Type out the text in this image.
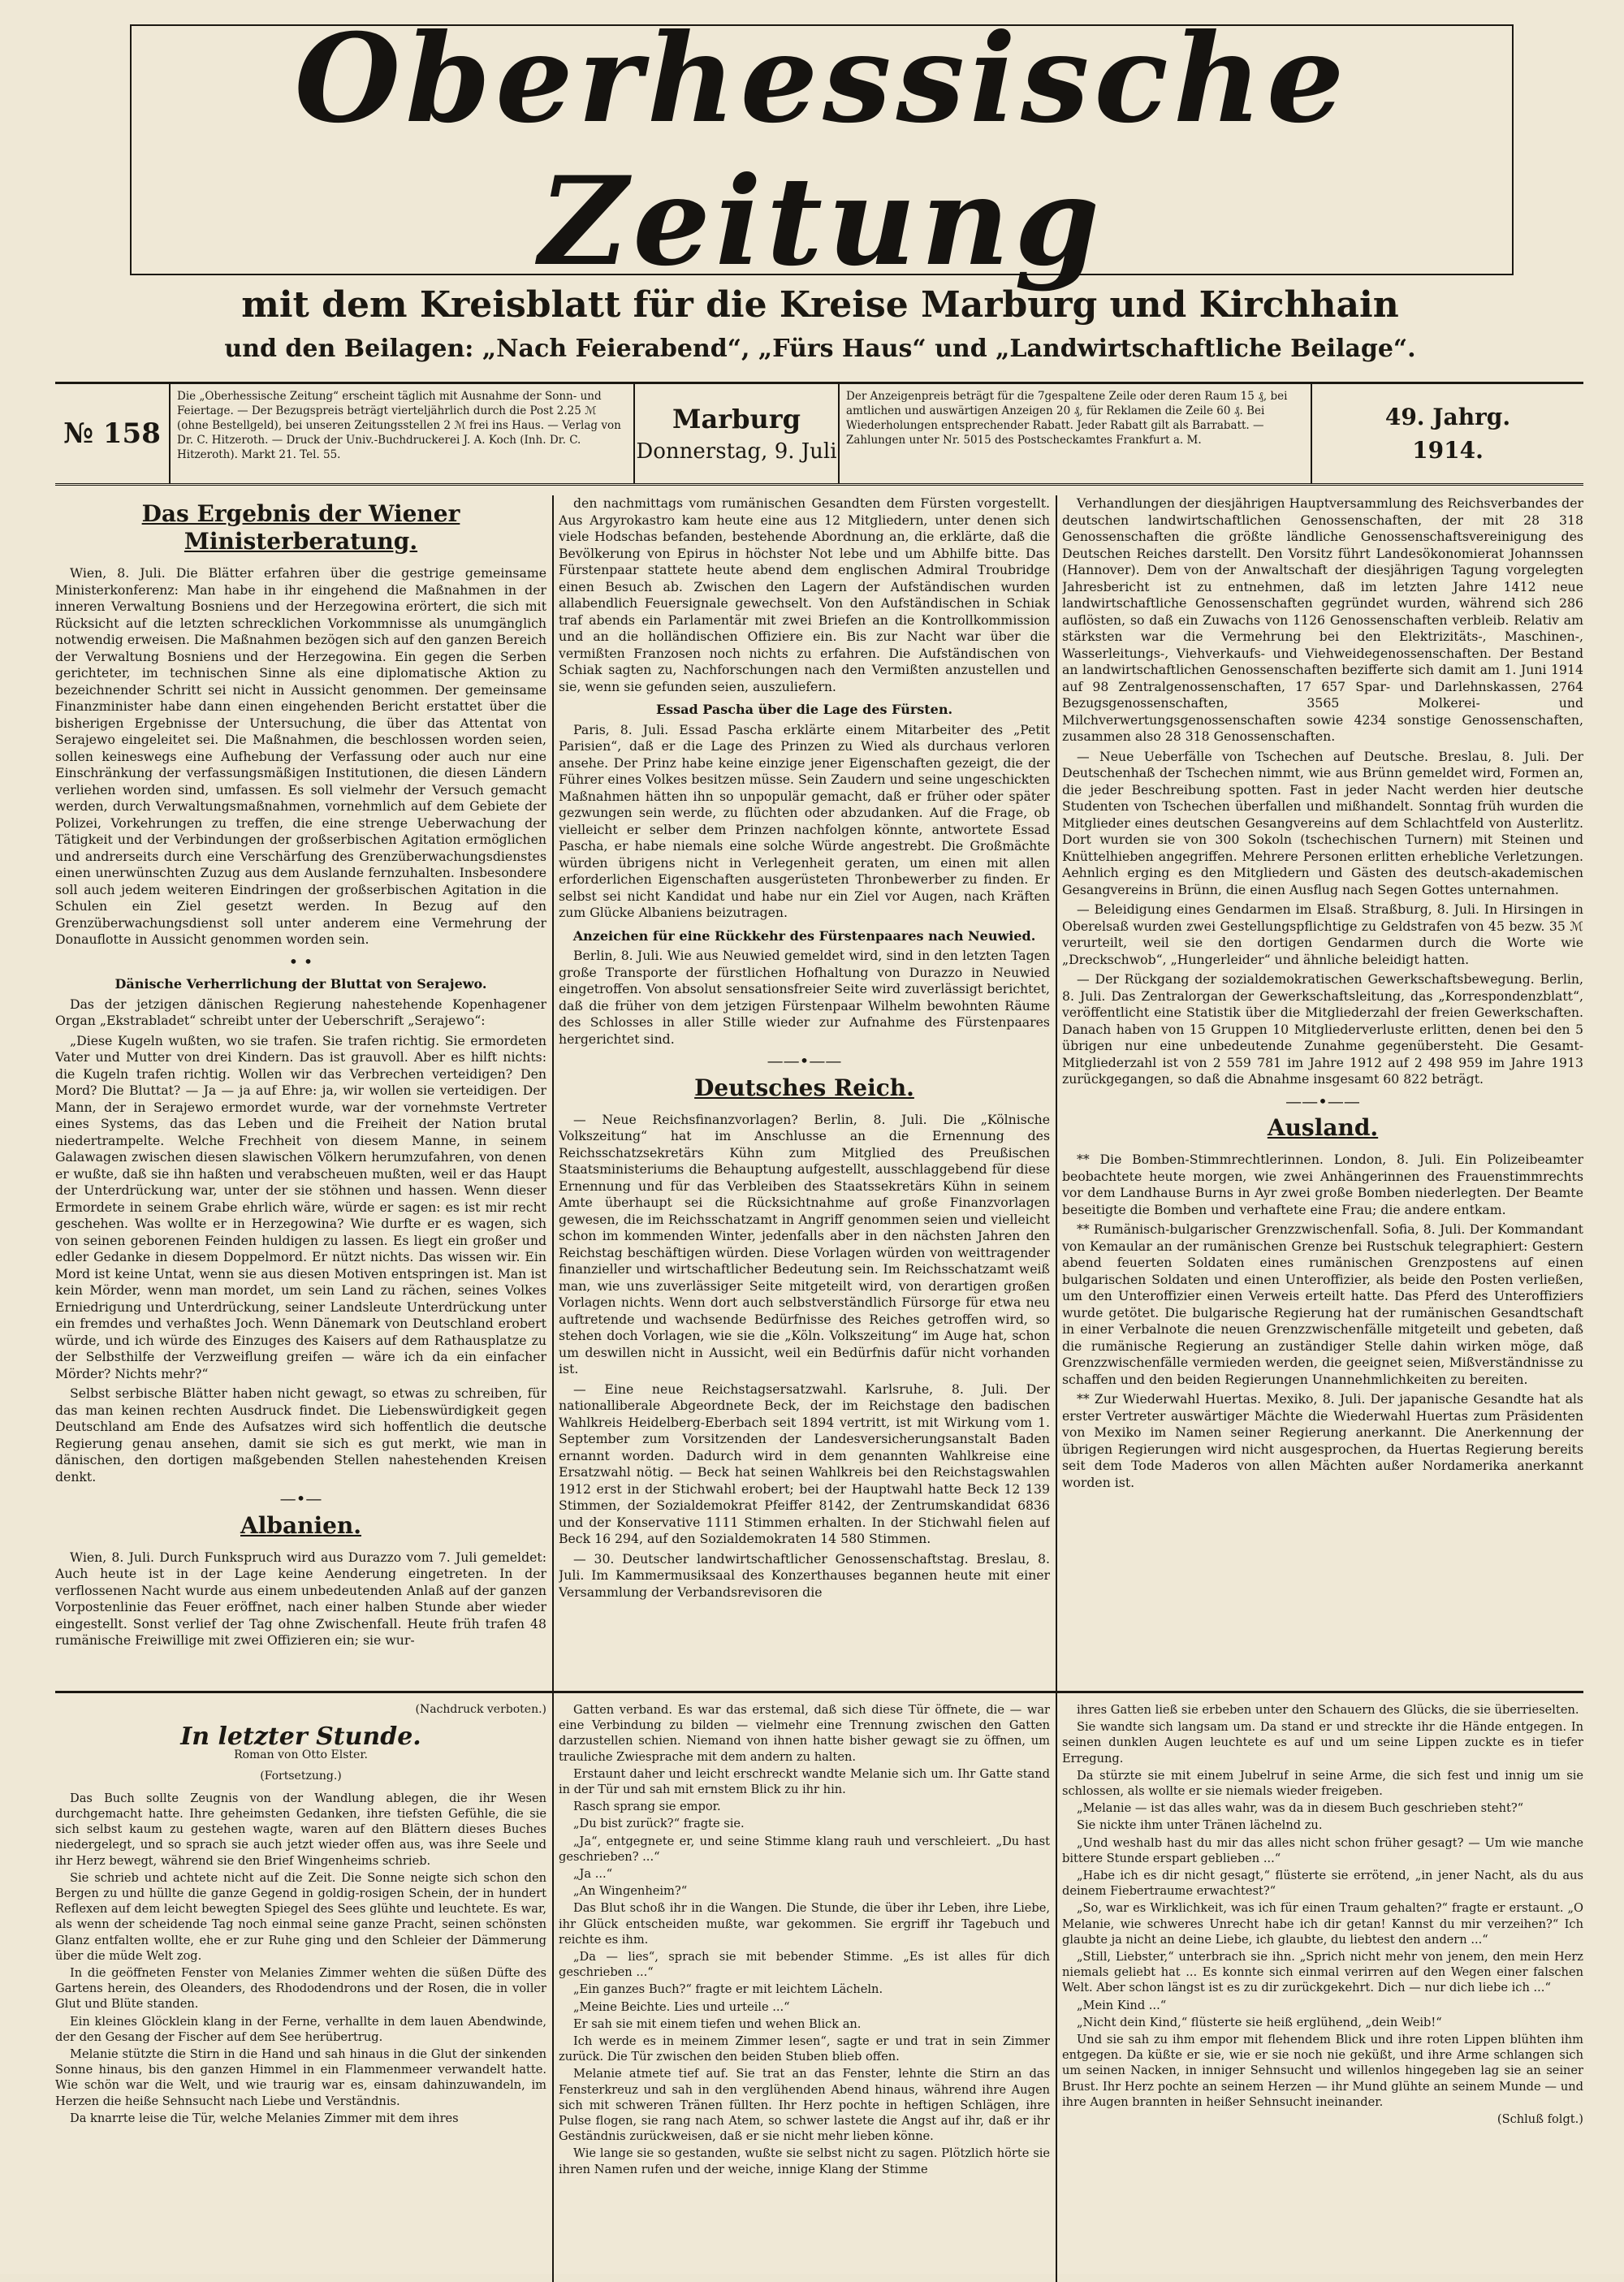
Oberhessische Zeitung
mit dem Kreisblatt für die Kreise Marburg und Kirchhain
und den Beilagen: „Nach Feierabend“, „Fürs Haus“ und „Landwirtschaftliche Beilage“.
№ 158
Die „Oberhessische Zeitung“ erscheint täglich mit Ausnahme der Sonn- und Feiertage. — Der Bezugspreis beträgt vierteljährlich durch die Post 2.25 ℳ (ohne Bestellgeld), bei unseren Zeitungsstellen 2 ℳ frei ins Haus. — Verlag von Dr. C. Hitzeroth. — Druck der Univ.-Buchdruckerei J. A. Koch (Inh. Dr. C. Hitzeroth). Markt 21. Tel. 55.
Marburg
Donnerstag, 9. Juli
Der Anzeigenpreis beträgt für die 7gespaltene Zeile oder deren Raum 15 ₰, bei amtlichen und auswärtigen Anzeigen 20 ₰, für Reklamen die Zeile 60 ₰. Bei Wiederholungen entsprechender Rabatt. Jeder Rabatt gilt als Barrabatt. — Zahlungen unter Nr. 5015 des Postscheckamtes Frankfurt a. M.
49. Jahrg.
1914.
Das Ergebnis der Wiener Ministerberatung.

Wien, 8. Juli. Die Blätter erfahren über die gestrige gemeinsame Ministerkonferenz: Man habe in ihr eingehend die Maßnahmen in der inneren Verwaltung Bosniens und der Herzegowina erörtert, die sich mit Rücksicht auf die letzten schrecklichen Vorkommnisse als unumgänglich notwendig erweisen. Die Maßnahmen bezögen sich auf den ganzen Bereich der Verwaltung Bosniens und der Herzegowina. Ein gegen die Serben gerichteter, im technischen Sinne als eine diplomatische Aktion zu bezeichnender Schritt sei nicht in Aussicht genommen. Der gemeinsame Finanzminister habe dann einen eingehenden Bericht erstattet über die bisherigen Ergebnisse der Untersuchung, die über das Attentat von Serajewo eingeleitet sei. Die Maßnahmen, die beschlossen worden seien, sollen keineswegs eine Aufhebung der Verfassung oder auch nur eine Einschränkung der verfassungsmäßigen Institutionen, die diesen Ländern verliehen worden sind, umfassen. Es soll vielmehr der Versuch gemacht werden, durch Verwaltungsmaßnahmen, vornehmlich auf dem Gebiete der Polizei, Vorkehrungen zu treffen, die eine strenge Ueberwachung der Tätigkeit und der Verbindungen der großserbischen Agitation ermöglichen und andrerseits durch eine Verschärfung des Grenzüberwachungsdienstes einen unerwünschten Zuzug aus dem Auslande fernzuhalten. Insbesondere soll auch jedem weiteren Eindringen der großserbischen Agitation in die Schulen ein Ziel gesetzt werden. In Bezug auf den Grenzüberwachungsdienst soll unter anderem eine Vermehrung der Donauflotte in Aussicht genommen worden sein.

• •
Dänische Verherrlichung der Bluttat von Serajewo.

Das der jetzigen dänischen Regierung nahestehende Kopenhagener Organ „Ekstrabladet“ schreibt unter der Ueberschrift „Serajewo“:

„Diese Kugeln wußten, wo sie trafen. Sie trafen richtig. Sie ermordeten Vater und Mutter von drei Kindern. Das ist grauvoll. Aber es hilft nichts: die Kugeln trafen richtig. Wollen wir das Verbrechen verteidigen? Den Mord? Die Bluttat? — Ja — ja auf Ehre: ja, wir wollen sie verteidigen. Der Mann, der in Serajewo ermordet wurde, war der vornehmste Vertreter eines Systems, das das Leben und die Freiheit der Nation brutal niedertrampelte. Welche Frechheit von diesem Manne, in seinem Galawagen zwischen diesen slawischen Völkern herumzufahren, von denen er wußte, daß sie ihn haßten und verabscheuen mußten, weil er das Haupt der Unterdrückung war, unter der sie stöhnen und hassen. Wenn dieser Ermordete in seinem Grabe ehrlich wäre, würde er sagen: es ist mir recht geschehen. Was wollte er in Herzegowina? Wie durfte er es wagen, sich von seinen geborenen Feinden huldigen zu lassen. Es liegt ein großer und edler Gedanke in diesem Doppelmord. Er nützt nichts. Das wissen wir. Ein Mord ist keine Untat, wenn sie aus diesen Motiven entspringen ist. Man ist kein Mörder, wenn man mordet, um sein Land zu rächen, seines Volkes Erniedrigung und Unterdrückung, seiner Landsleute Unterdrückung unter ein fremdes und verhaßtes Joch. Wenn Dänemark von Deutschland erobert würde, und ich würde des Einzuges des Kaisers auf dem Rathausplatze zu der Selbsthilfe der Verzweiflung greifen — wäre ich da ein einfacher Mörder? Nichts mehr?“

Selbst serbische Blätter haben nicht gewagt, so etwas zu schreiben, für das man keinen rechten Ausdruck findet. Die Liebenswürdigkeit gegen Deutschland am Ende des Aufsatzes wird sich hoffentlich die deutsche Regierung genau ansehen, damit sie sich es gut merkt, wie man in dänischen, den dortigen maßgebenden Stellen nahestehenden Kreisen denkt.

—•—
Albanien.

Wien, 8. Juli. Durch Funkspruch wird aus Durazzo vom 7. Juli gemeldet: Auch heute ist in der Lage keine Aenderung eingetreten. In der verflossenen Nacht wurde aus einem unbedeutenden Anlaß auf der ganzen Vorpostenlinie das Feuer eröffnet, nach einer halben Stunde aber wieder eingestellt. Sonst verlief der Tag ohne Zwischenfall. Heute früh trafen 48 rumänische Freiwillige mit zwei Offizieren ein; sie wur-

den nachmittags vom rumänischen Gesandten dem Fürsten vorgestellt. Aus Argyrokastro kam heute eine aus 12 Mitgliedern, unter denen sich viele Hodschas befanden, bestehende Abordnung an, die erklärte, daß die Bevölkerung von Epirus in höchster Not lebe und um Abhilfe bitte. Das Fürstenpaar stattete heute abend dem englischen Admiral Troubridge einen Besuch ab. Zwischen den Lagern der Aufständischen wurden allabendlich Feuersignale gewechselt. Von den Aufständischen in Schiak traf abends ein Parlamentär mit zwei Briefen an die Kontrollkommission und an die holländischen Offiziere ein. Bis zur Nacht war über die vermißten Franzosen noch nichts zu erfahren. Die Aufständischen von Schiak sagten zu, Nachforschungen nach den Vermißten anzustellen und sie, wenn sie gefunden seien, auszuliefern.

Essad Pascha über die Lage des Fürsten.

Paris, 8. Juli. Essad Pascha erklärte einem Mitarbeiter des „Petit Parisien“, daß er die Lage des Prinzen zu Wied als durchaus verloren ansehe. Der Prinz habe keine einzige jener Eigenschaften gezeigt, die der Führer eines Volkes besitzen müsse. Sein Zaudern und seine ungeschickten Maßnahmen hätten ihn so unpopulär gemacht, daß er früher oder später gezwungen sein werde, zu flüchten oder abzudanken. Auf die Frage, ob vielleicht er selber dem Prinzen nachfolgen könnte, antwortete Essad Pascha, er habe niemals eine solche Würde angestrebt. Die Großmächte würden übrigens nicht in Verlegenheit geraten, um einen mit allen erforderlichen Eigenschaften ausgerüsteten Thronbewerber zu finden. Er selbst sei nicht Kandidat und habe nur ein Ziel vor Augen, nach Kräften zum Glücke Albaniens beizutragen.

Anzeichen für eine Rückkehr des Fürstenpaares nach Neuwied.

Berlin, 8. Juli. Wie aus Neuwied gemeldet wird, sind in den letzten Tagen große Transporte der fürstlichen Hofhaltung von Durazzo in Neuwied eingetroffen. Von absolut sensationsfreier Seite wird zuverlässigt berichtet, daß die früher von dem jetzigen Fürstenpaar Wilhelm bewohnten Räume des Schlosses in aller Stille wieder zur Aufnahme des Fürstenpaares hergerichtet sind.

——•——
Deutsches Reich.

— Neue Reichsfinanzvorlagen? Berlin, 8. Juli. Die „Kölnische Volkszeitung“ hat im Anschlusse an die Ernennung des Reichsschatzsekretärs Kühn zum Mitglied des Preußischen Staatsministeriums die Behauptung aufgestellt, ausschlaggebend für diese Ernennung und für das Verbleiben des Staatssekretärs Kühn in seinem Amte überhaupt sei die Rücksichtnahme auf große Finanzvorlagen gewesen, die im Reichsschatzamt in Angriff genommen seien und vielleicht schon im kommenden Winter, jedenfalls aber in den nächsten Jahren den Reichstag beschäftigen würden. Diese Vorlagen würden von weittragender finanzieller und wirtschaftlicher Bedeutung sein. Im Reichsschatzamt weiß man, wie uns zuverlässiger Seite mitgeteilt wird, von derartigen großen Vorlagen nichts. Wenn dort auch selbstverständlich Fürsorge für etwa neu auftretende und wachsende Bedürfnisse des Reiches getroffen wird, so stehen doch Vorlagen, wie sie die „Köln. Volkszeitung“ im Auge hat, schon um deswillen nicht in Aussicht, weil ein Bedürfnis dafür nicht vorhanden ist.

— Eine neue Reichstagsersatzwahl. Karlsruhe, 8. Juli. Der nationalliberale Abgeordnete Beck, der im Reichstage den badischen Wahlkreis Heidelberg-Eberbach seit 1894 vertritt, ist mit Wirkung vom 1. September zum Vorsitzenden der Landesversicherungsanstalt Baden ernannt worden. Dadurch wird in dem genannten Wahlkreise eine Ersatzwahl nötig. — Beck hat seinen Wahlkreis bei den Reichstagswahlen 1912 erst in der Stichwahl erobert; bei der Hauptwahl hatte Beck 12 139 Stimmen, der Sozialdemokrat Pfeiffer 8142, der Zentrumskandidat 6836 und der Konservative 1111 Stimmen erhalten. In der Stichwahl fielen auf Beck 16 294, auf den Sozialdemokraten 14 580 Stimmen.

— 30. Deutscher landwirtschaftlicher Genossenschaftstag. Breslau, 8. Juli. Im Kammermusiksaal des Konzerthauses begannen heute mit einer Versammlung der Verbandsrevisoren die

Verhandlungen der diesjährigen Hauptversammlung des Reichsverbandes der deutschen landwirtschaftlichen Genossenschaften, der mit 28 318 Genossenschaften die größte ländliche Genossenschaftsvereinigung des Deutschen Reiches darstellt. Den Vorsitz führt Landesökonomierat Johannssen (Hannover). Dem von der Anwaltschaft der diesjährigen Tagung vorgelegten Jahresbericht ist zu entnehmen, daß im letzten Jahre 1412 neue landwirtschaftliche Genossenschaften gegründet wurden, während sich 286 auflösten, so daß ein Zuwachs von 1126 Genossenschaften verbleib. Relativ am stärksten war die Vermehrung bei den Elektrizitäts-, Maschinen-, Wasserleitungs-, Viehverkaufs- und Viehweidegenossenschaften. Der Bestand an landwirtschaftlichen Genossenschaften bezifferte sich damit am 1. Juni 1914 auf 98 Zentralgenossenschaften, 17 657 Spar- und Darlehnskassen, 2764 Bezugsgenossenschaften, 3565 Molkerei- und Milchverwertungsgenossenschaften sowie 4234 sonstige Genossenschaften, zusammen also 28 318 Genossenschaften.

— Neue Ueberfälle von Tschechen auf Deutsche. Breslau, 8. Juli. Der Deutschenhaß der Tschechen nimmt, wie aus Brünn gemeldet wird, Formen an, die jeder Beschreibung spotten. Fast in jeder Nacht werden hier deutsche Studenten von Tschechen überfallen und mißhandelt. Sonntag früh wurden die Mitglieder eines deutschen Gesangvereins auf dem Schlachtfeld von Austerlitz. Dort wurden sie von 300 Sokoln (tschechischen Turnern) mit Steinen und Knüttelhieben angegriffen. Mehrere Personen erlitten erhebliche Verletzungen. Aehnlich erging es den Mitgliedern und Gästen des deutsch-akademischen Gesangvereins in Brünn, die einen Ausflug nach Segen Gottes unternahmen.

— Beleidigung eines Gendarmen im Elsaß. Straßburg, 8. Juli. In Hirsingen in Oberelsaß wurden zwei Gestellungspflichtige zu Geldstrafen von 45 bezw. 35 ℳ verurteilt, weil sie den dortigen Gendarmen durch die Worte wie „Dreckschwob“, „Hungerleider“ und ähnliche beleidigt hatten.

— Der Rückgang der sozialdemokratischen Gewerkschaftsbewegung. Berlin, 8. Juli. Das Zentralorgan der Gewerkschaftsleitung, das „Korrespondenzblatt“, veröffentlicht eine Statistik über die Mitgliederzahl der freien Gewerkschaften. Danach haben von 15 Gruppen 10 Mitgliederverluste erlitten, denen bei den 5 übrigen nur eine unbedeutende Zunahme gegenübersteht. Die Gesamt-Mitgliederzahl ist von 2 559 781 im Jahre 1912 auf 2 498 959 im Jahre 1913 zurückgegangen, so daß die Abnahme insgesamt 60 822 beträgt.

——•——
Ausland.

** Die Bomben-Stimmrechtlerinnen. London, 8. Juli. Ein Polizeibeamter beobachtete heute morgen, wie zwei Anhängerinnen des Frauenstimmrechts vor dem Landhause Burns in Ayr zwei große Bomben niederlegten. Der Beamte beseitigte die Bomben und verhaftete eine Frau; die andere entkam.

** Rumänisch-bulgarischer Grenzzwischenfall. Sofia, 8. Juli. Der Kommandant von Kemaular an der rumänischen Grenze bei Rustschuk telegraphiert: Gestern abend feuerten Soldaten eines rumänischen Grenzpostens auf einen bulgarischen Soldaten und einen Unteroffizier, als beide den Posten verließen, um den Unteroffizier einen Verweis erteilt hatte. Das Pferd des Unteroffiziers wurde getötet. Die bulgarische Regierung hat der rumänischen Gesandtschaft in einer Verbalnote die neuen Grenzzwischenfälle mitgeteilt und gebeten, daß die rumänische Regierung an zuständiger Stelle dahin wirken möge, daß Grenzzwischenfälle vermieden werden, die geeignet seien, Mißverständnisse zu schaffen und den beiden Regierungen Unannehmlichkeiten zu bereiten.

** Zur Wiederwahl Huertas. Mexiko, 8. Juli. Der japanische Gesandte hat als erster Vertreter auswärtiger Mächte die Wiederwahl Huertas zum Präsidenten von Mexiko im Namen seiner Regierung anerkannt. Die Anerkennung der übrigen Regierungen wird nicht ausgesprochen, da Huertas Regierung bereits seit dem Tode Maderos von allen Mächten außer Nordamerika anerkannt worden ist.

(Nachdruck verboten.)
In letzter Stunde.
Roman von Otto Elster.
(Fortsetzung.)

Das Buch sollte Zeugnis von der Wandlung ablegen, die ihr Wesen durchgemacht hatte. Ihre geheimsten Gedanken, ihre tiefsten Gefühle, die sie sich selbst kaum zu gestehen wagte, waren auf den Blättern dieses Buches niedergelegt, und so sprach sie auch jetzt wieder offen aus, was ihre Seele und ihr Herz bewegt, während sie den Brief Wingenheims schrieb.

Sie schrieb und achtete nicht auf die Zeit. Die Sonne neigte sich schon den Bergen zu und hüllte die ganze Gegend in goldig-rosigen Schein, der in hundert Reflexen auf dem leicht bewegten Spiegel des Sees glühte und leuchtete. Es war, als wenn der scheidende Tag noch einmal seine ganze Pracht, seinen schönsten Glanz entfalten wollte, ehe er zur Ruhe ging und den Schleier der Dämmerung über die müde Welt zog.

In die geöffneten Fenster von Melanies Zimmer wehten die süßen Düfte des Gartens herein, des Oleanders, des Rhododendrons und der Rosen, die in voller Glut und Blüte standen.

Ein kleines Glöcklein klang in der Ferne, verhallte in dem lauen Abendwinde, der den Gesang der Fischer auf dem See herübertrug.

Melanie stützte die Stirn in die Hand und sah hinaus in die Glut der sinkenden Sonne hinaus, bis den ganzen Himmel in ein Flammenmeer verwandelt hatte. Wie schön war die Welt, und wie traurig war es, einsam dahinzuwandeln, im Herzen die heiße Sehnsucht nach Liebe und Verständnis.

Da knarrte leise die Tür, welche Melanies Zimmer mit dem ihres

Gatten verband. Es war das erstemal, daß sich diese Tür öffnete, die — war eine Verbindung zu bilden — vielmehr eine Trennung zwischen den Gatten darzustellen schien. Niemand von ihnen hatte bisher gewagt sie zu öffnen, um trauliche Zwiesprache mit dem andern zu halten.

Erstaunt daher und leicht erschreckt wandte Melanie sich um. Ihr Gatte stand in der Tür und sah mit ernstem Blick zu ihr hin.

Rasch sprang sie empor.

„Du bist zurück?“ fragte sie.

„Ja“, entgegnete er, und seine Stimme klang rauh und verschleiert. „Du hast geschrieben? ...“

„Ja ...“

„An Wingenheim?“

Das Blut schoß ihr in die Wangen. Die Stunde, die über ihr Leben, ihre Liebe, ihr Glück entscheiden mußte, war gekommen. Sie ergriff ihr Tagebuch und reichte es ihm.

„Da — lies“, sprach sie mit bebender Stimme. „Es ist alles für dich geschrieben ...“

„Ein ganzes Buch?“ fragte er mit leichtem Lächeln.

„Meine Beichte. Lies und urteile ...“

Er sah sie mit einem tiefen und wehen Blick an.

Ich werde es in meinem Zimmer lesen“, sagte er und trat in sein Zimmer zurück. Die Tür zwischen den beiden Stuben blieb offen.

Melanie atmete tief auf. Sie trat an das Fenster, lehnte die Stirn an das Fensterkreuz und sah in den verglühenden Abend hinaus, während ihre Augen sich mit schweren Tränen füllten. Ihr Herz pochte in heftigen Schlägen, ihre Pulse flogen, sie rang nach Atem, so schwer lastete die Angst auf ihr, daß er ihr Geständnis zurückweisen, daß er sie nicht mehr lieben könne.

Wie lange sie so gestanden, wußte sie selbst nicht zu sagen. Plötzlich hörte sie ihren Namen rufen und der weiche, innige Klang der Stimme

ihres Gatten ließ sie erbeben unter den Schauern des Glücks, die sie überrieselten.

Sie wandte sich langsam um. Da stand er und streckte ihr die Hände entgegen. In seinen dunklen Augen leuchtete es auf und um seine Lippen zuckte es in tiefer Erregung.

Da stürzte sie mit einem Jubelruf in seine Arme, die sich fest und innig um sie schlossen, als wollte er sie niemals wieder freigeben.

„Melanie — ist das alles wahr, was da in diesem Buch geschrieben steht?“

Sie nickte ihm unter Tränen lächelnd zu.

„Und weshalb hast du mir das alles nicht schon früher gesagt? — Um wie manche bittere Stunde erspart geblieben ...“

„Habe ich es dir nicht gesagt,“ flüsterte sie errötend, „in jener Nacht, als du aus deinem Fiebertraume erwachtest?“

„So, war es Wirklichkeit, was ich für einen Traum gehalten?“ fragte er erstaunt. „O Melanie, wie schweres Unrecht habe ich dir getan! Kannst du mir verzeihen?“ Ich glaubte ja nicht an deine Liebe, ich glaubte, du liebtest den andern ...“

„Still, Liebster,“ unterbrach sie ihn. „Sprich nicht mehr von jenem, den mein Herz niemals geliebt hat ... Es konnte sich einmal verirren auf den Wegen einer falschen Welt. Aber schon längst ist es zu dir zurückgekehrt. Dich — nur dich liebe ich ...“

„Mein Kind ...“

„Nicht dein Kind,“ flüsterte sie heiß erglühend, „dein Weib!“

Und sie sah zu ihm empor mit flehendem Blick und ihre roten Lippen blühten ihm entgegen. Da küßte er sie, wie er sie noch nie geküßt, und ihre Arme schlangen sich um seinen Nacken, in inniger Sehnsucht und willenlos hingegeben lag sie an seiner Brust. Ihr Herz pochte an seinem Herzen — ihr Mund glühte an seinem Munde — und ihre Augen brannten in heißer Sehnsucht ineinander.

(Schluß folgt.)
